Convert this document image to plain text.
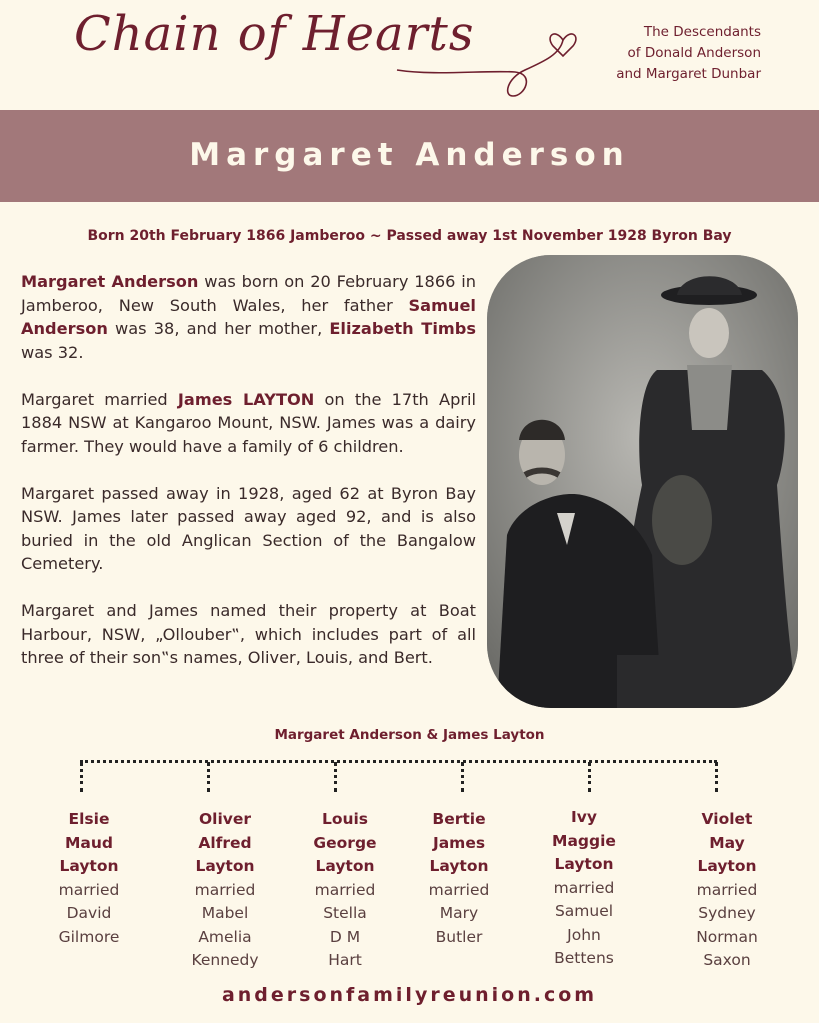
Chain of Hearts	The Descendants
of Donald Anderson
and Margaret Dunbar
Margaret Anderson
Born 20th February 1866 Jamberoo ~ Passed away 1st November 1928 Byron Bay

Margaret Anderson was born on 20 February 1866 in Jamberoo, New South Wales, her father Samuel Anderson was 38, and her mother, Elizabeth Timbs was 32.

Margaret married James LAYTON on the 17th April 1884 NSW at Kangaroo Mount, NSW. James was a dairy farmer. They would have a family of 6 children.

Margaret passed away in 1928, aged 62 at Byron Bay NSW. James later passed away aged 92, and is also buried in the old Anglican Section of the Bangalow Cemetery.

Margaret and James named their property at Boat Harbour, NSW, „Ollouber‟, which includes part of all three of their son‟s names, Oliver, Louis, and Bert.

Margaret Anderson & James Layton
Elsie
Maud
Layton
married
David
Gilmore
Oliver
Alfred
Layton
married
Mabel
Amelia
Kennedy
Louis
George
Layton
married
Stella
D M
Hart
Bertie
James
Layton
married
Mary
Butler
Ivy
Maggie
Layton
married
Samuel
John
Bettens
Violet
May
Layton
married
Sydney
Norman
Saxon
andersonfamilyreunion.com
